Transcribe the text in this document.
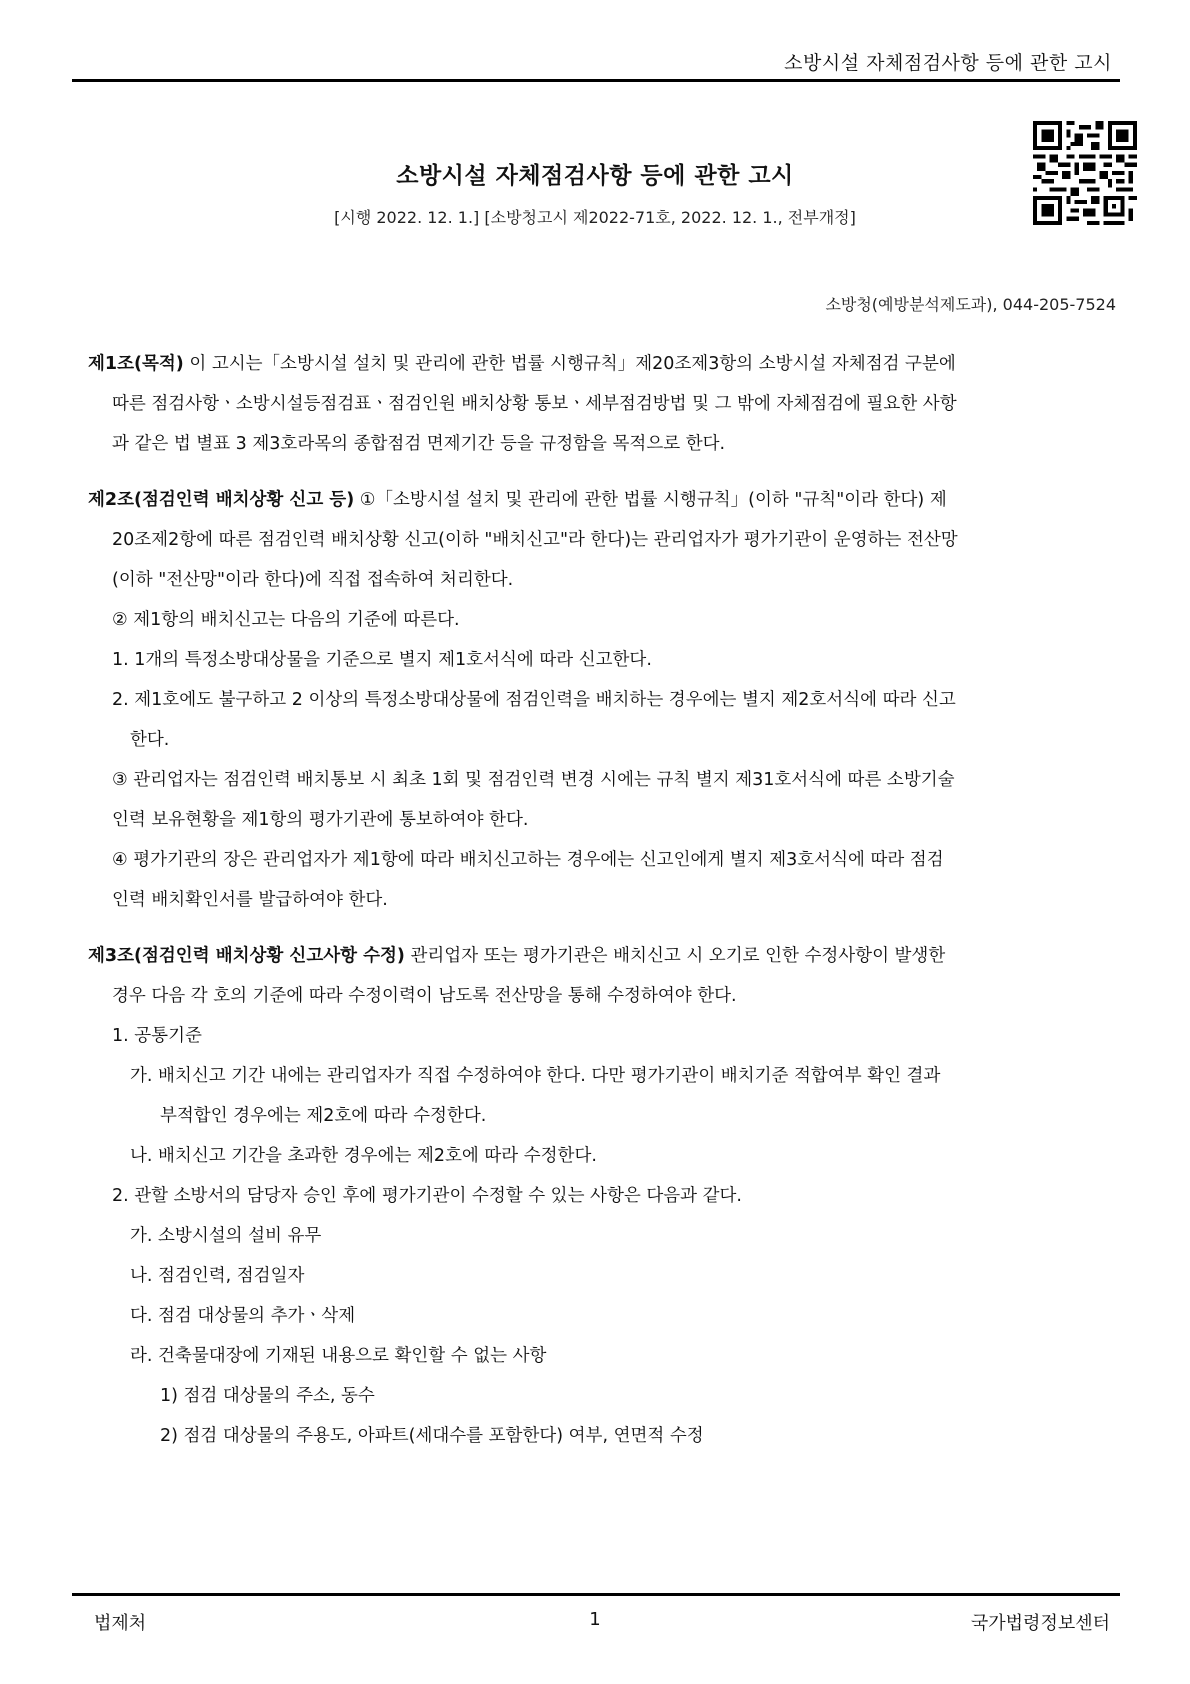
소방시설 자체점검사항 등에 관한 고시
소방시설 자체점검사항 등에 관한 고시
[시행 2022. 12. 1.] [소방청고시 제2022-71호, 2022. 12. 1., 전부개정]
소방청(예방분석제도과), 044-205-7524
제1조(목적) 이 고시는「소방시설 설치 및 관리에 관한 법률 시행규칙」제20조제3항의 소방시설 자체점검 구분에
따른 점검사항ㆍ소방시설등점검표ㆍ점검인원 배치상황 통보ㆍ세부점검방법 및 그 밖에 자체점검에 필요한 사항
과 같은 법 별표 3 제3호라목의 종합점검 면제기간 등을 규정함을 목적으로 한다.
제2조(점검인력 배치상황 신고 등) ①「소방시설 설치 및 관리에 관한 법률 시행규칙」(이하 "규칙"이라 한다) 제
20조제2항에 따른 점검인력 배치상황 신고(이하 "배치신고"라 한다)는 관리업자가 평가기관이 운영하는 전산망
(이하 "전산망"이라 한다)에 직접 접속하여 처리한다.
② 제1항의 배치신고는 다음의 기준에 따른다.
1. 1개의 특정소방대상물을 기준으로 별지 제1호서식에 따라 신고한다.
2. 제1호에도 불구하고 2 이상의 특정소방대상물에 점검인력을 배치하는 경우에는 별지 제2호서식에 따라 신고
한다.
③ 관리업자는 점검인력 배치통보 시 최초 1회 및 점검인력 변경 시에는 규칙 별지 제31호서식에 따른 소방기술
인력 보유현황을 제1항의 평가기관에 통보하여야 한다.
④ 평가기관의 장은 관리업자가 제1항에 따라 배치신고하는 경우에는 신고인에게 별지 제3호서식에 따라 점검
인력 배치확인서를 발급하여야 한다.
제3조(점검인력 배치상황 신고사항 수정) 관리업자 또는 평가기관은 배치신고 시 오기로 인한 수정사항이 발생한
경우 다음 각 호의 기준에 따라 수정이력이 남도록 전산망을 통해 수정하여야 한다.
1. 공통기준
가. 배치신고 기간 내에는 관리업자가 직접 수정하여야 한다. 다만 평가기관이 배치기준 적합여부 확인 결과
부적합인 경우에는 제2호에 따라 수정한다.
나. 배치신고 기간을 초과한 경우에는 제2호에 따라 수정한다.
2. 관할 소방서의 담당자 승인 후에 평가기관이 수정할 수 있는 사항은 다음과 같다.
가. 소방시설의 설비 유무
나. 점검인력, 점검일자
다. 점검 대상물의 추가ㆍ삭제
라. 건축물대장에 기재된 내용으로 확인할 수 없는 사항
1) 점검 대상물의 주소, 동수
2) 점검 대상물의 주용도, 아파트(세대수를 포함한다) 여부, 연면적 수정
법제처	1	국가법령정보센터
